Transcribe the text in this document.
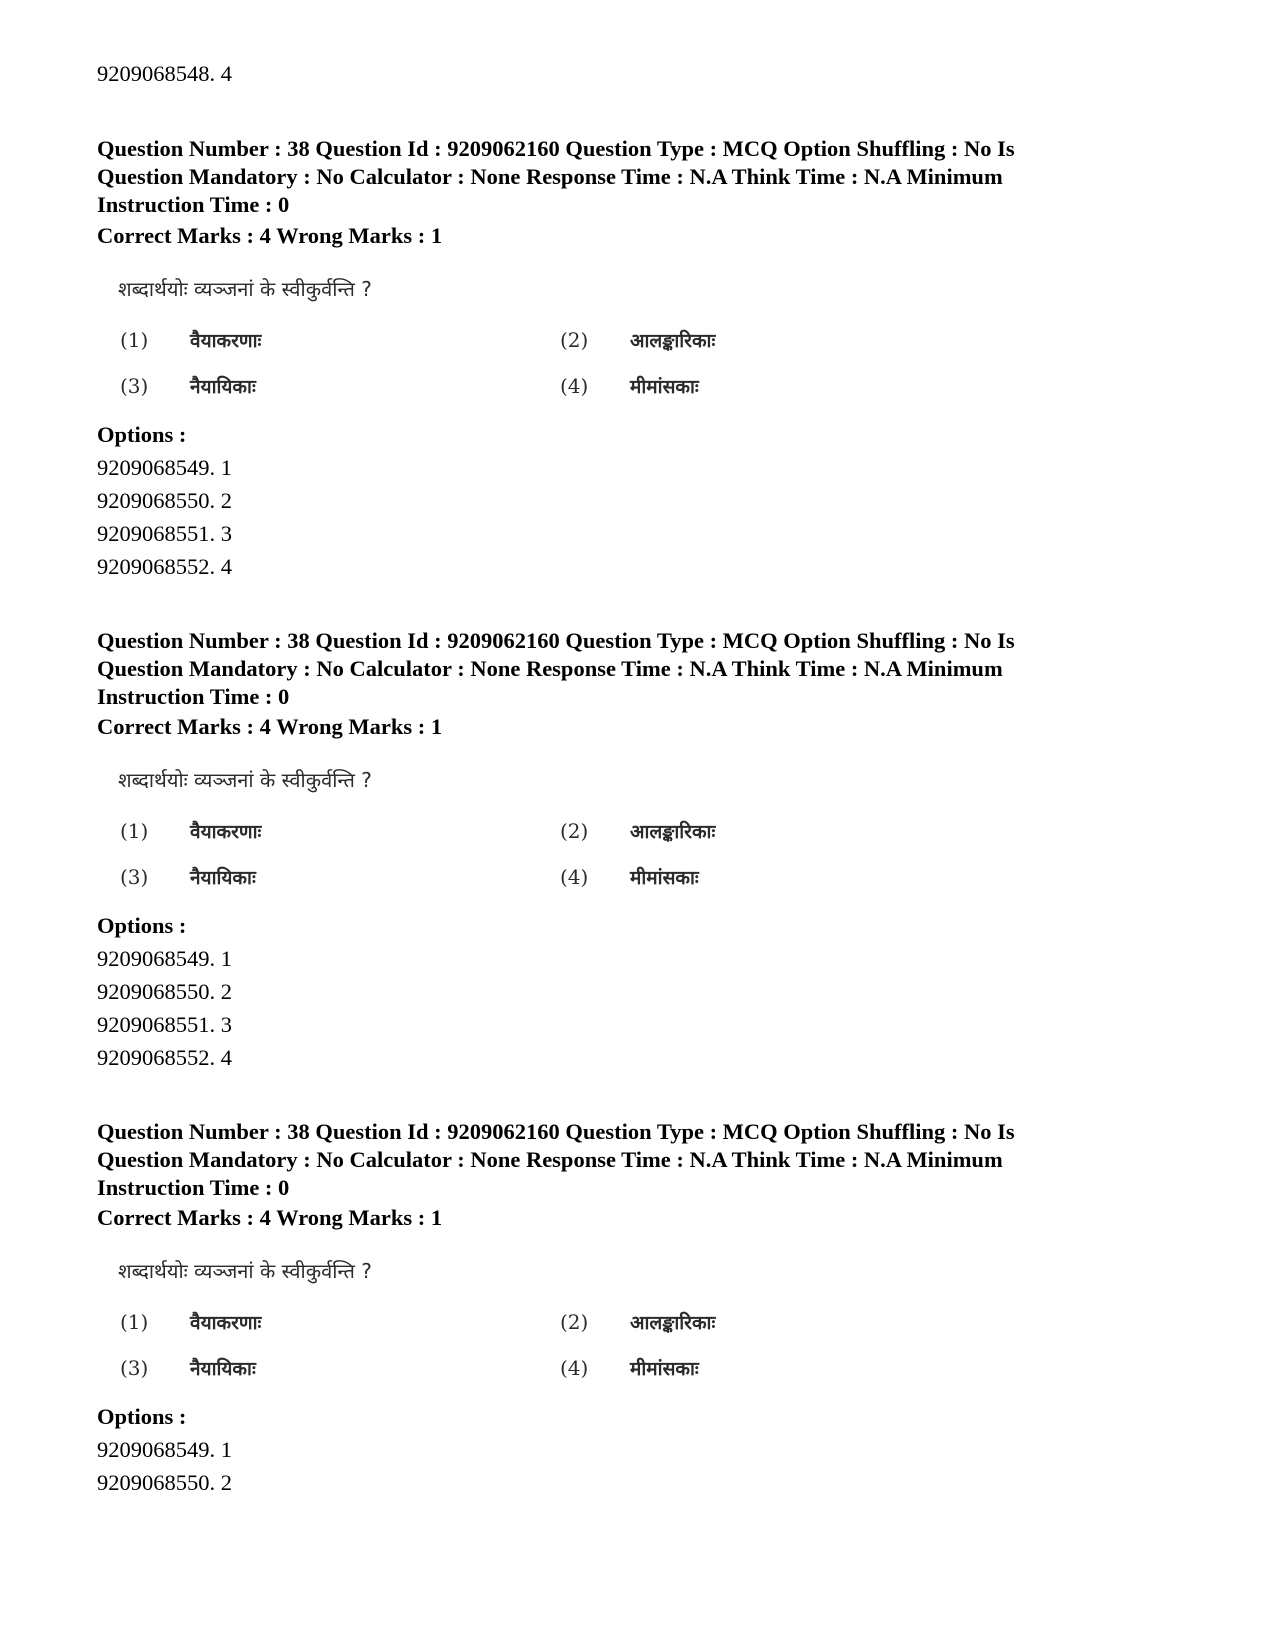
9209068548. 4
Question Number : 38 Question Id : 9209062160 Question Type : MCQ Option Shuffling : No Is
Question Mandatory : No Calculator : None Response Time : N.A Think Time : N.A Minimum
Instruction Time : 0
Correct Marks : 4 Wrong Marks : 1
शब्दार्थयोः व्यञ्जनां के स्वीकुर्वन्ति ?
(1) वैयाकरणाः	(2) आलङ्कारिकाः
(3) नैयायिकाः	(4) मीमांसकाः
Options :
9209068549. 1
9209068550. 2
9209068551. 3
9209068552. 4
Question Number : 38 Question Id : 9209062160 Question Type : MCQ Option Shuffling : No Is
Question Mandatory : No Calculator : None Response Time : N.A Think Time : N.A Minimum
Instruction Time : 0
Correct Marks : 4 Wrong Marks : 1
शब्दार्थयोः व्यञ्जनां के स्वीकुर्वन्ति ?
(1) वैयाकरणाः	(2) आलङ्कारिकाः
(3) नैयायिकाः	(4) मीमांसकाः
Options :
9209068549. 1
9209068550. 2
9209068551. 3
9209068552. 4
Question Number : 38 Question Id : 9209062160 Question Type : MCQ Option Shuffling : No Is
Question Mandatory : No Calculator : None Response Time : N.A Think Time : N.A Minimum
Instruction Time : 0
Correct Marks : 4 Wrong Marks : 1
शब्दार्थयोः व्यञ्जनां के स्वीकुर्वन्ति ?
(1) वैयाकरणाः	(2) आलङ्कारिकाः
(3) नैयायिकाः	(4) मीमांसकाः
Options :
9209068549. 1
9209068550. 2
